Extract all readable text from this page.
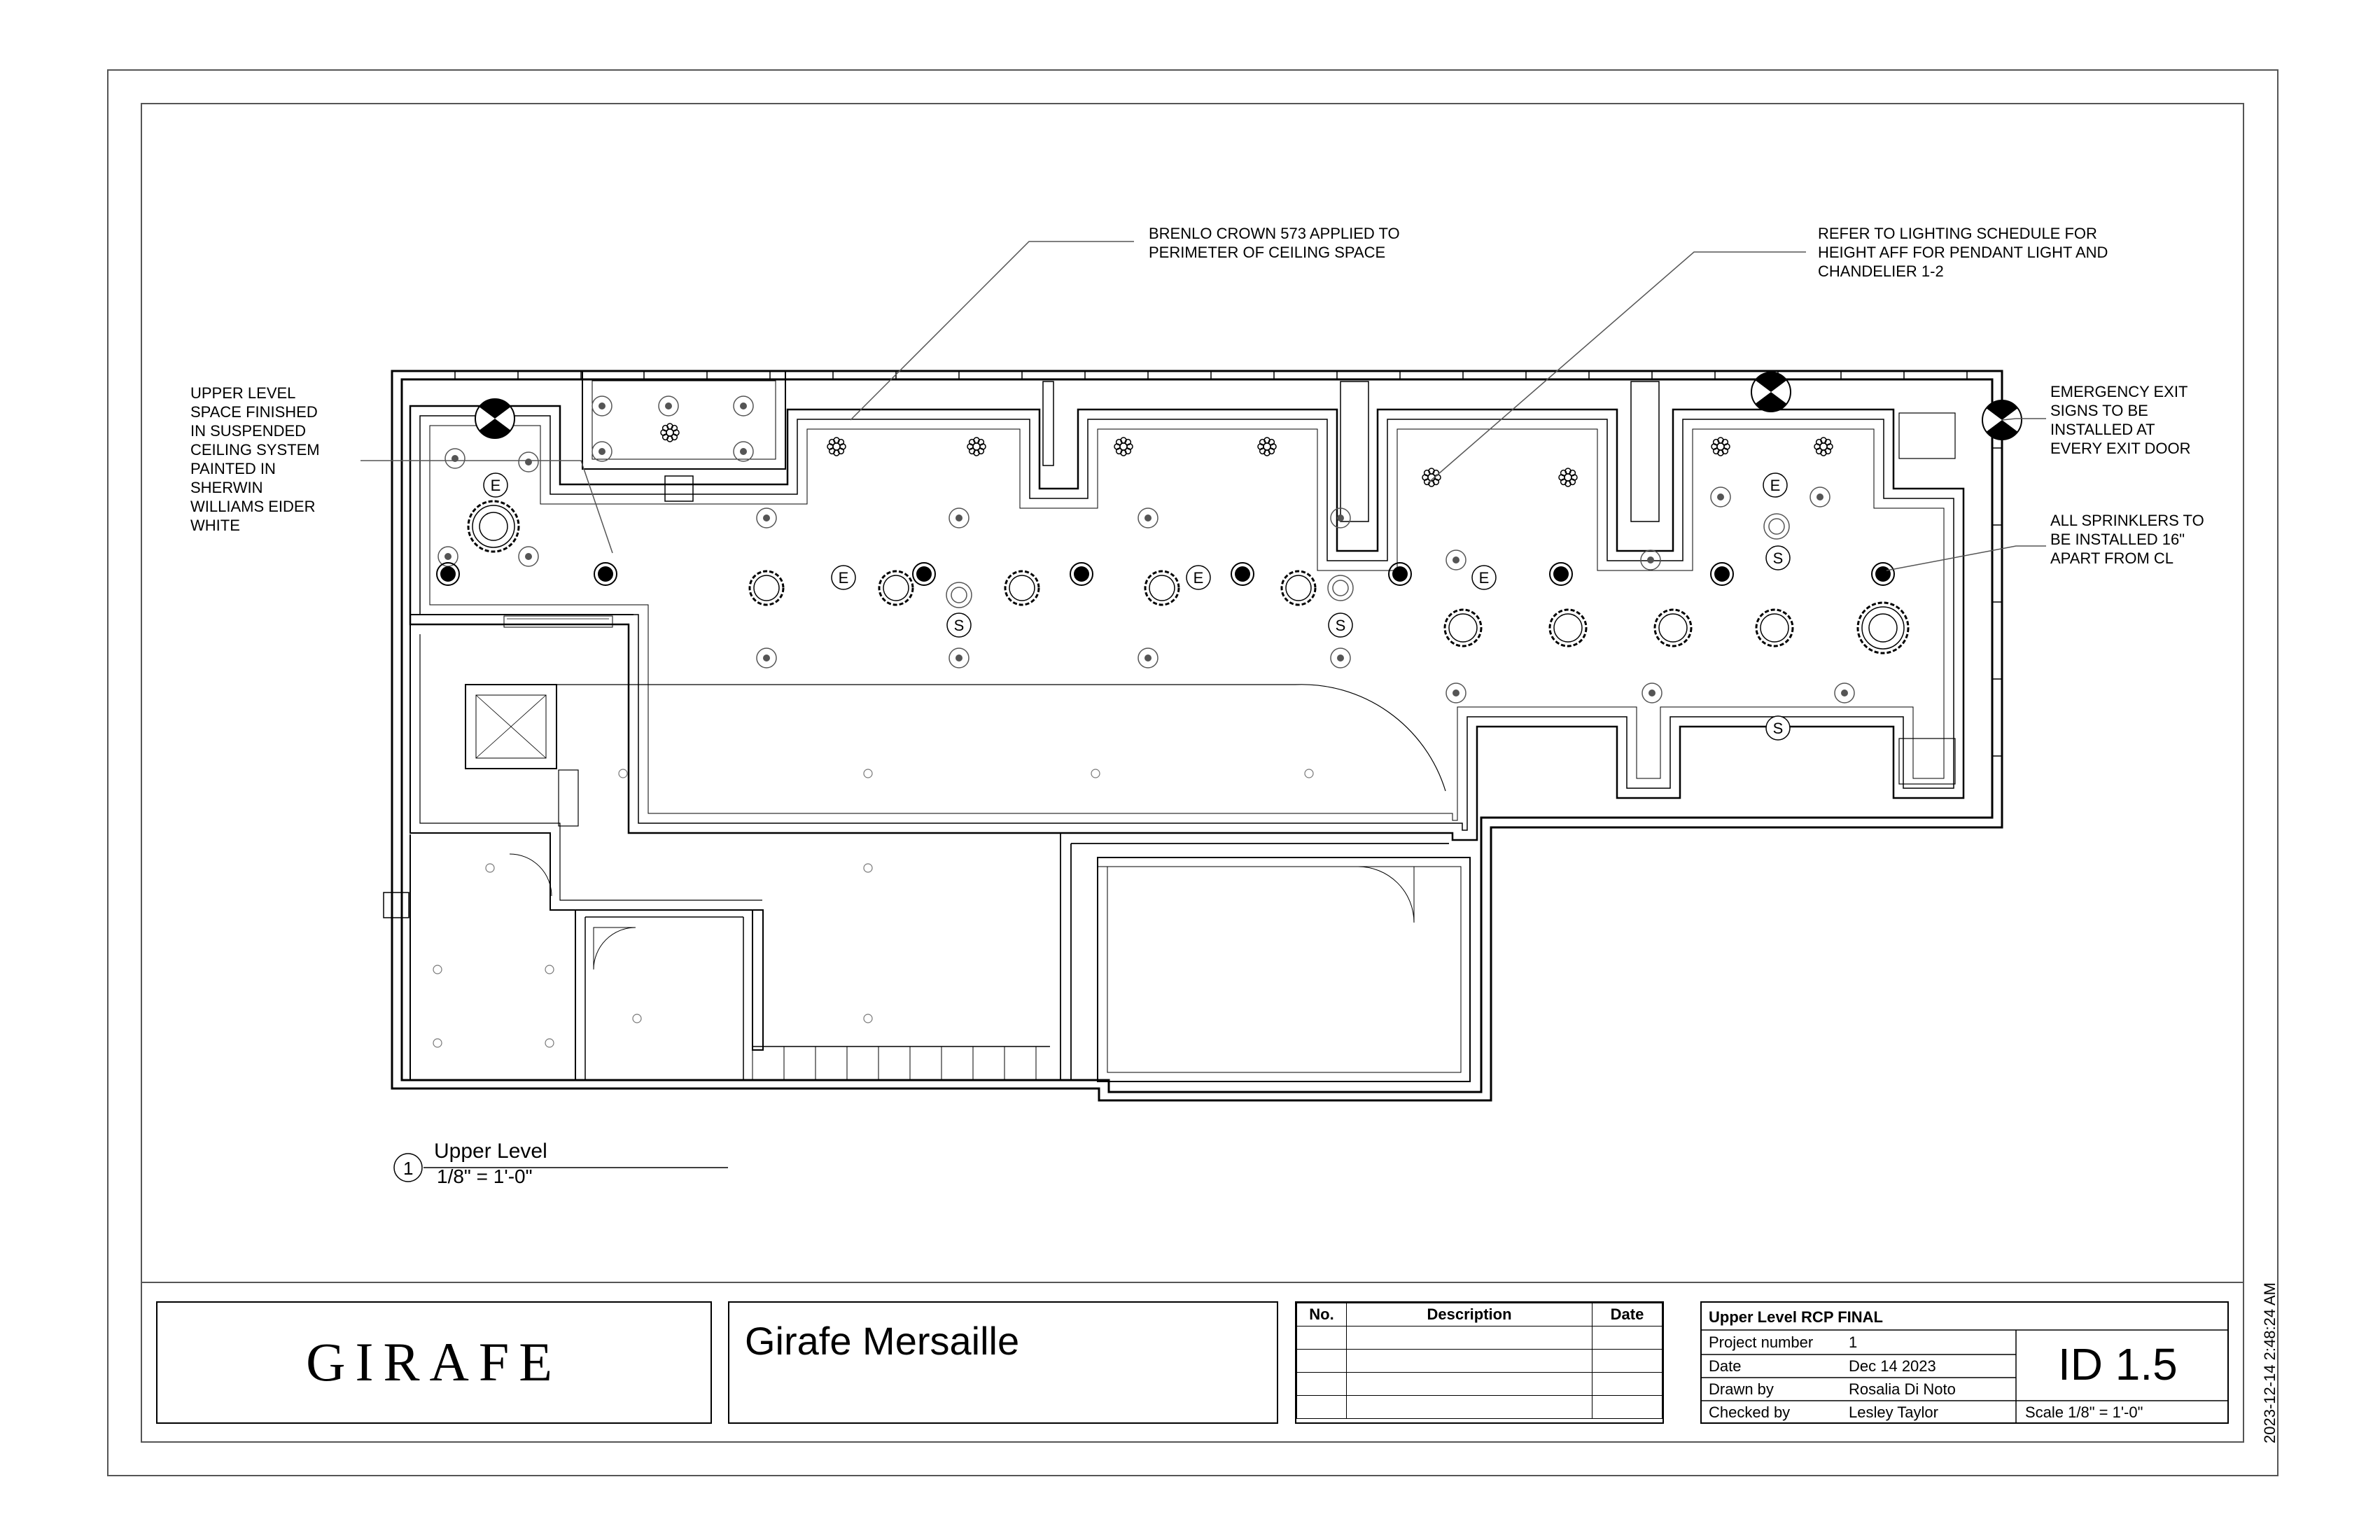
E
E	E	E
E
S	S
S
S
BRENLO CROWN 573 APPLIED TO
PERIMETER OF CEILING SPACE
REFER TO LIGHTING SCHEDULE FOR
HEIGHT AFF FOR PENDANT LIGHT AND
CHANDELIER 1-2
UPPER LEVEL
SPACE FINISHED
IN SUSPENDED
CEILING SYSTEM
PAINTED IN
SHERWIN
WILLIAMS EIDER
WHITE
EMERGENCY EXIT
SIGNS TO BE
INSTALLED AT
EVERY EXIT DOOR
ALL SPRINKLERS TO
BE INSTALLED 16"
APART FROM CL
1
Upper Level
1/8" = 1'-0"
GIRAFE	Girafe Mersaille
No.	Description	Date

			Upper Level RCP FINAL
Project number 1
Date	Dec 14 2023
Drawn by	Rosalia Di Noto
Checked by	Lesley Taylor	Scale 1/8" = 1'-0"
ID 1.5	2023-12-14 2:48:24 AM
